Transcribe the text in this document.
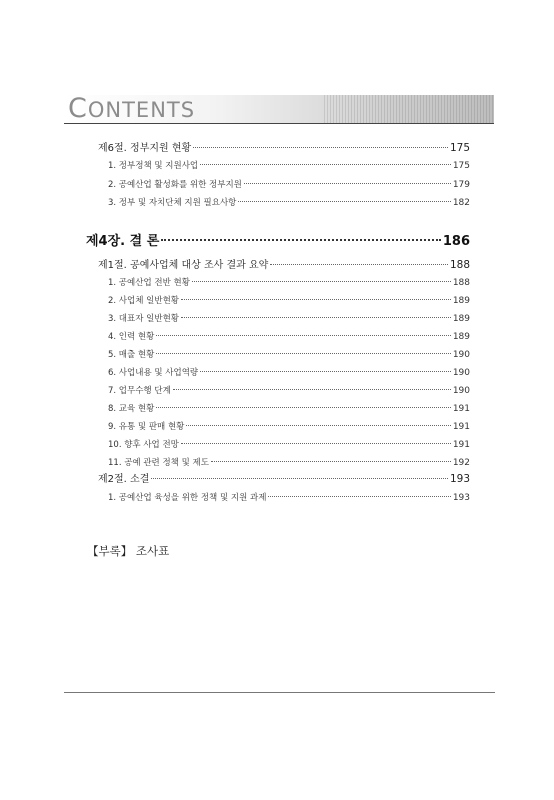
CONTENTS
제6절. 정부지원 현황	175
1. 정부정책 및 지원사업	175
2. 공예산업 활성화를 위한 정부지원	179
3. 정부 및 자치단체 지원 필요사항	182
제4장. 결 론	186
제1절. 공예사업체 대상 조사 결과 요약	188
1. 공예산업 전반 현황	188
2. 사업체 일반현황	189
3. 대표자 일반현황	189
4. 인력 현황	189
5. 매출 현황	190
6. 사업내용 및 사업역량	190
7. 업무수행 단계	190
8. 교육 현황	191
9. 유통 및 판매 현황	191
10. 향후 사업 전망	191
11. 공예 관련 정책 및 제도	192
제2절. 소결	193
1. 공예산업 육성을 위한 정책 및 지원 과제	193
【부록】 조사표
